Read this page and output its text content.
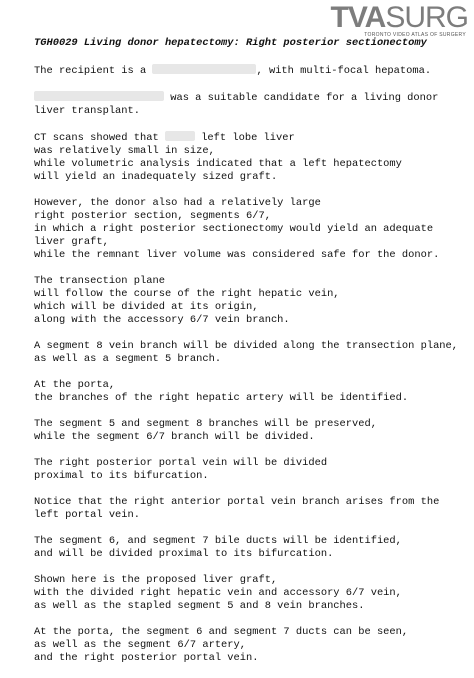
TVASURG
TORONTO VIDEO ATLAS OF SURGERY
TGH0029 Living donor hepatectomy: Right posterior sectionectomy
The recipient is a	, with multi-focal hepatoma.
was a suitable candidate for a living donor
liver transplant.
CT scans showed that	left lobe liver
was relatively small in size,
while volumetric analysis indicated that a left hepatectomy
will yield an inadequately sized graft.
However, the donor also had a relatively large
right posterior section, segments 6/7,
in which a right posterior sectionectomy would yield an adequate
liver graft,
while the remnant liver volume was considered safe for the donor.
The transection plane
will follow the course of the right hepatic vein,
which will be divided at its origin,
along with the accessory 6/7 vein branch.
A segment 8 vein branch will be divided along the transection plane,
as well as a segment 5 branch.
At the porta,
the branches of the right hepatic artery will be identified.
The segment 5 and segment 8 branches will be preserved,
while the segment 6/7 branch will be divided.
The right posterior portal vein will be divided
proximal to its bifurcation.
Notice that the right anterior portal vein branch arises from the
left portal vein.
The segment 6, and segment 7 bile ducts will be identified,
and will be divided proximal to its bifurcation.
Shown here is the proposed liver graft,
with the divided right hepatic vein and accessory 6/7 vein,
as well as the stapled segment 5 and 8 vein branches.
At the porta, the segment 6 and segment 7 ducts can be seen,
as well as the segment 6/7 artery,
and the right posterior portal vein.
